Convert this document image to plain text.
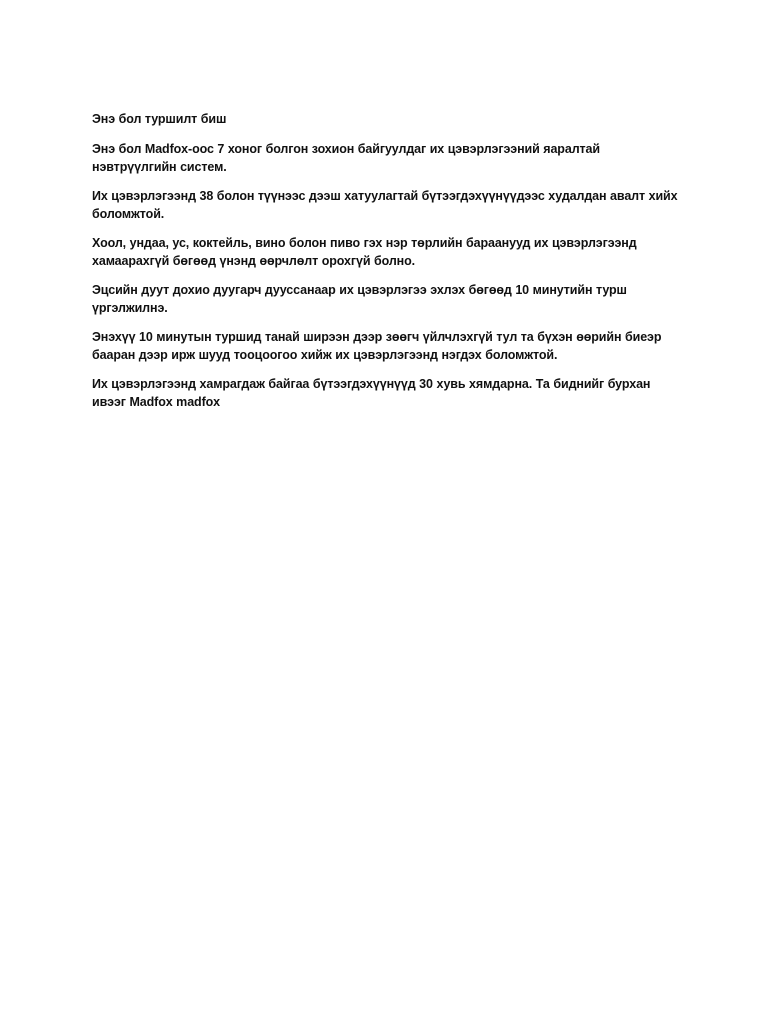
Энэ бол туршилт биш

Энэ бол Madfox-оос 7 хоног болгон зохион байгуулдаг их цэвэрлэгээний яаралтай нэвтрүүлгийн систем.

Их цэвэрлэгээнд 38 болон түүнээс дээш хатуулагтай бүтээгдэхүүнүүдээс худалдан авалт хийх боломжтой.

Хоол, ундаа, ус, коктейль, вино болон пиво гэх нэр төрлийн бараанууд их цэвэрлэгээнд хамаарахгүй бөгөөд үнэнд өөрчлөлт орохгүй болно.

Эцсийн дуут дохио дуугарч дууссанаар их цэвэрлэгээ эхлэх бөгөөд 10 минутийн турш үргэлжилнэ.

Энэхүү 10 минутын туршид танай ширээн дээр зөөгч үйлчлэхгүй тул та бүхэн өөрийн биеэр бааран дээр ирж шууд тооцоогоо хийж их цэвэрлэгээнд нэгдэх боломжтой.

Их цэвэрлэгээнд хамрагдаж байгаа бүтээгдэхүүнүүд 30 хувь хямдарна. Та биднийг бурхан ивээг Madfox madfox
